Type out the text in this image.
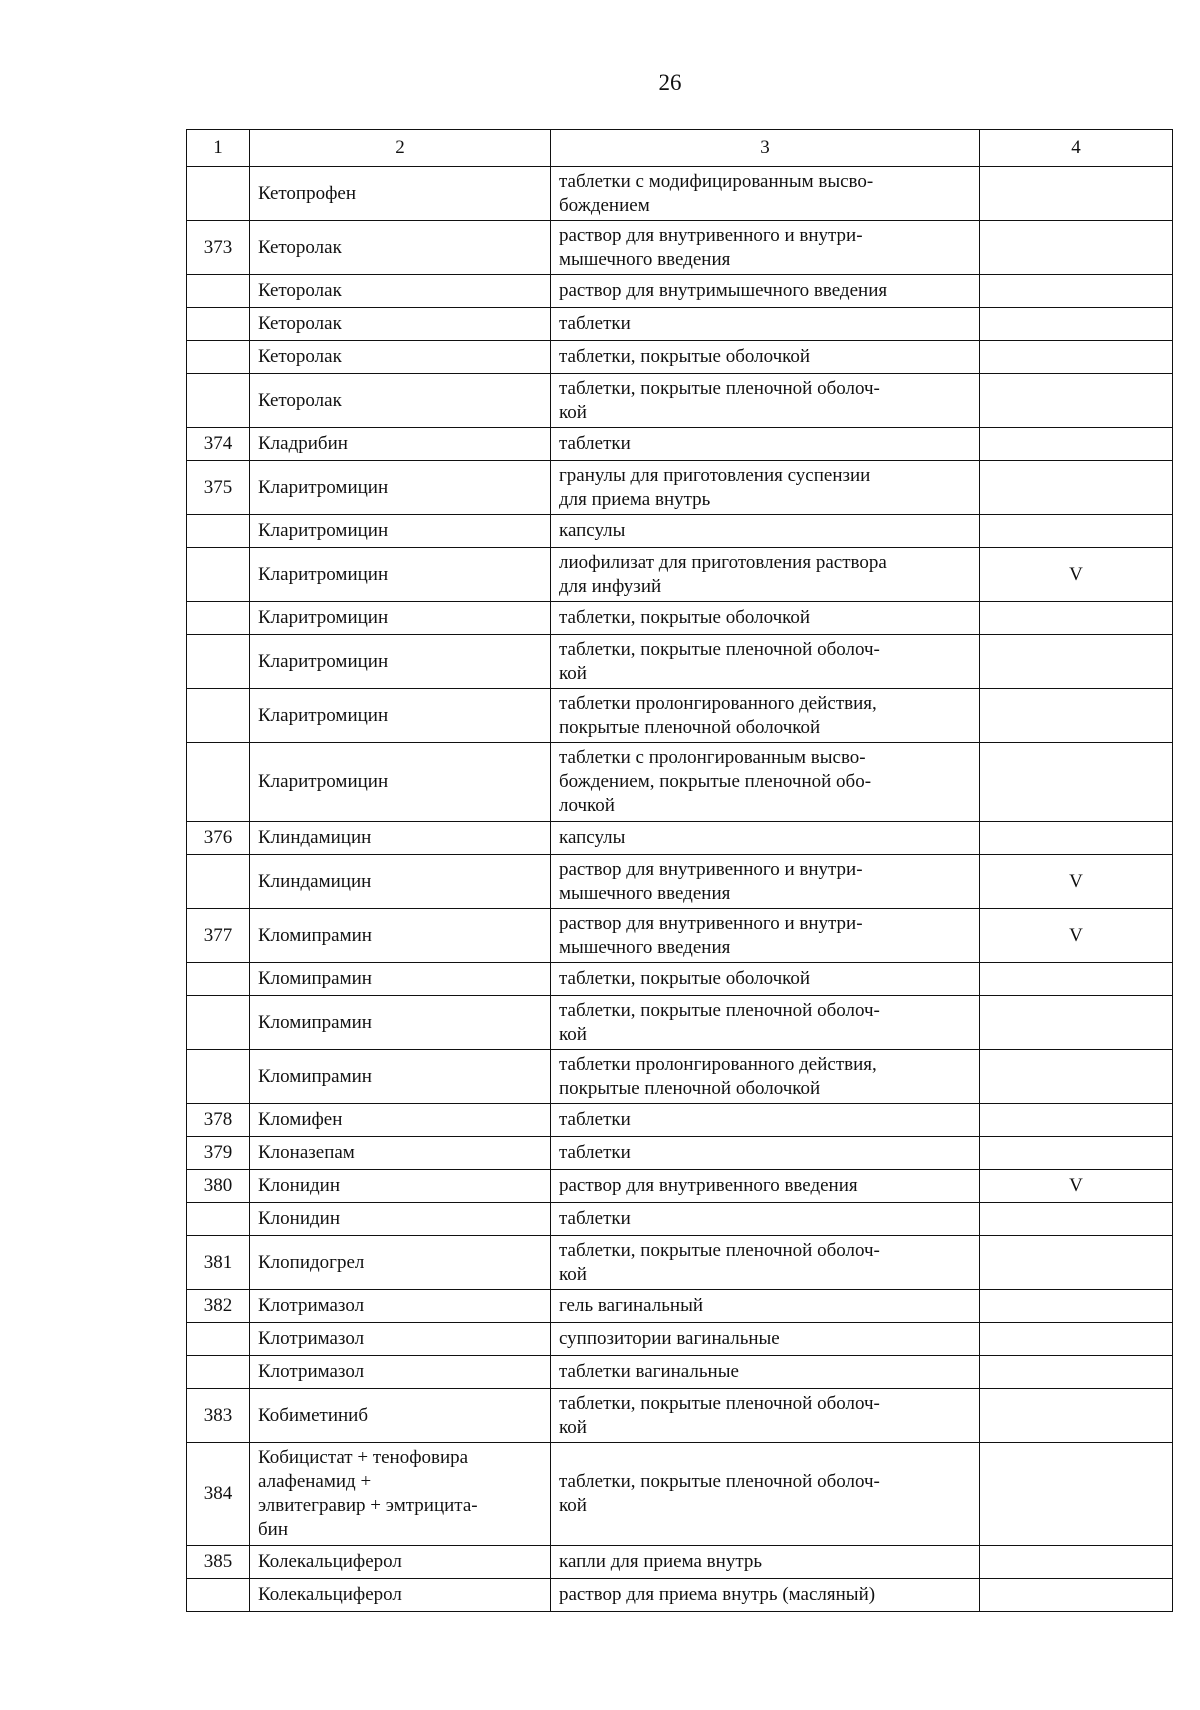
26
1	2	3	4
	Кетопрофен	таблетки с модифицированным высво-
бождением	
373	Кеторолак	раствор для внутривенного и внутри-
мышечного введения	
	Кеторолак	раствор для внутримышечного введения	
	Кеторолак	таблетки	
	Кеторолак	таблетки, покрытые оболочкой	
	Кеторолак	таблетки, покрытые пленочной оболоч-
кой	
374	Кладрибин	таблетки	
375	Кларитромицин	гранулы для приготовления суспензии
для приема внутрь	
	Кларитромицин	капсулы	
	Кларитромицин	лиофилизат для приготовления раствора
для инфузий	V
	Кларитромицин	таблетки, покрытые оболочкой	
	Кларитромицин	таблетки, покрытые пленочной оболоч-
кой	
	Кларитромицин	таблетки пролонгированного действия,
покрытые пленочной оболочкой	
	Кларитромицин	таблетки с пролонгированным высво-
бождением, покрытые пленочной обо-
лочкой	
376	Клиндамицин	капсулы	
	Клиндамицин	раствор для внутривенного и внутри-
мышечного введения	V
377	Кломипрамин	раствор для внутривенного и внутри-
мышечного введения	V
	Кломипрамин	таблетки, покрытые оболочкой	
	Кломипрамин	таблетки, покрытые пленочной оболоч-
кой	
	Кломипрамин	таблетки пролонгированного действия,
покрытые пленочной оболочкой	
378	Кломифен	таблетки	
379	Клоназепам	таблетки	
380	Клонидин	раствор для внутривенного введения	V
	Клонидин	таблетки	
381	Клопидогрел	таблетки, покрытые пленочной оболоч-
кой	
382	Клотримазол	гель вагинальный	
	Клотримазол	суппозитории вагинальные	
	Клотримазол	таблетки вагинальные	
383	Кобиметиниб	таблетки, покрытые пленочной оболоч-
кой	
384	Кобицистат + тенофовира
алафенамид +
элвитегравир + эмтрицита-
бин	таблетки, покрытые пленочной оболоч-
кой	
385	Колекальциферол	капли для приема внутрь	
	Колекальциферол	раствор для приема внутрь (масляный)	
